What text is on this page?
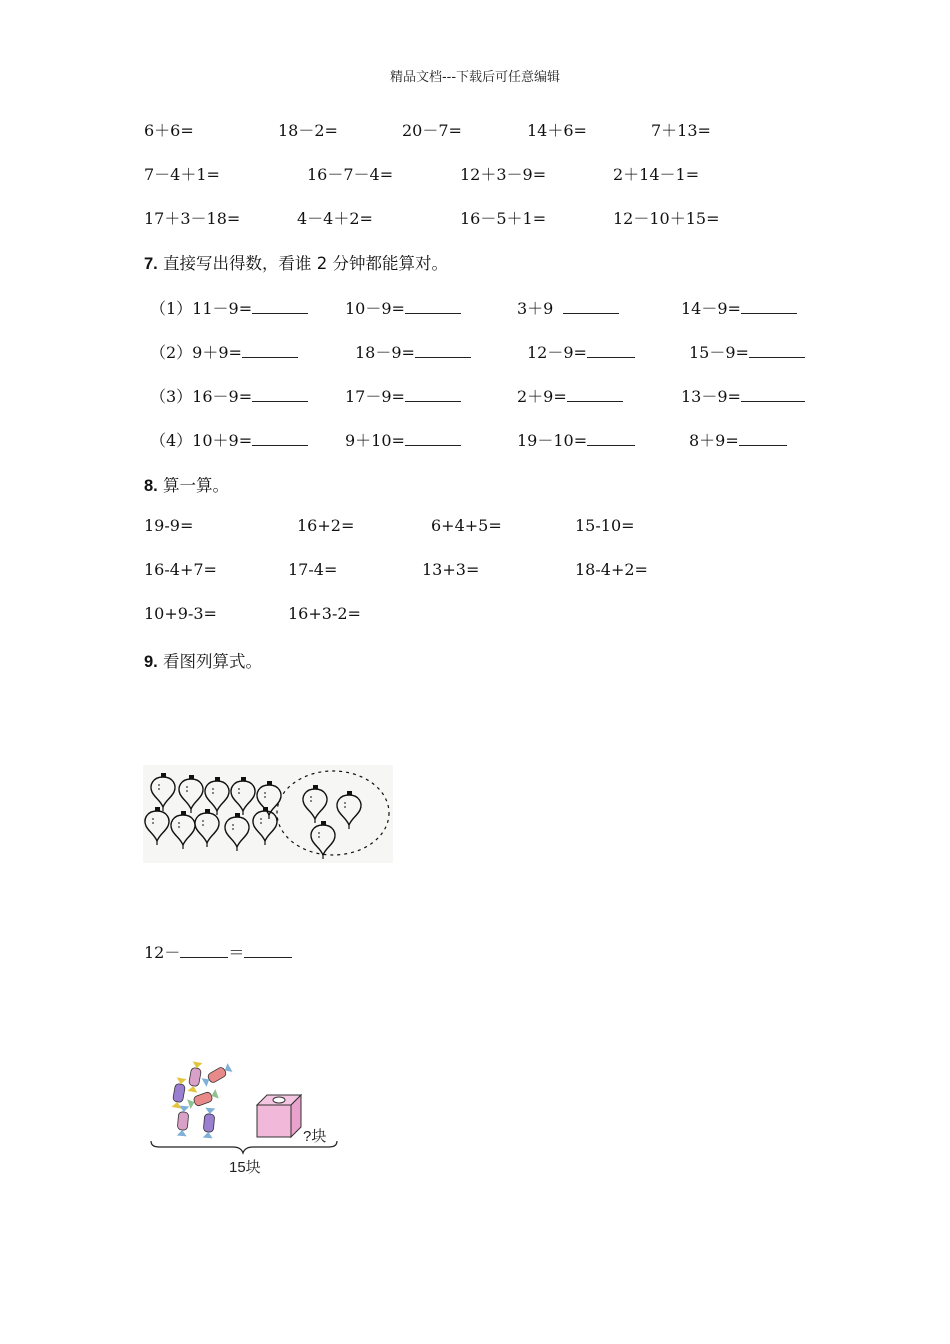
精品文档---下载后可任意编辑
6＋6=	18－2=	20－7=	14＋6=	7＋13=
7－4＋1=	16－7－4=	12＋3－9=	2＋14－1=
17＋3－18=	4－4＋2=	16－5＋1=	12－10＋15=
7. 直接写出得数，看谁 2 分钟都能算对。
（1）11－9=	10－9=	3＋9	14－9=
（2）9＋9=	18－9=	12－9=	15－9=
（3）16－9=	17－9=	2＋9=	13－9=
（4）10＋9=	9＋10=	19－10=	8＋9=
8. 算一算。
19-9=	16+2=	6+4+5=	15-10=
16-4+7=	17-4=	13+3=	18-4+2=
10+9-3=	16+3-2=
9. 看图列算式。
12－	＝
?块
15块
